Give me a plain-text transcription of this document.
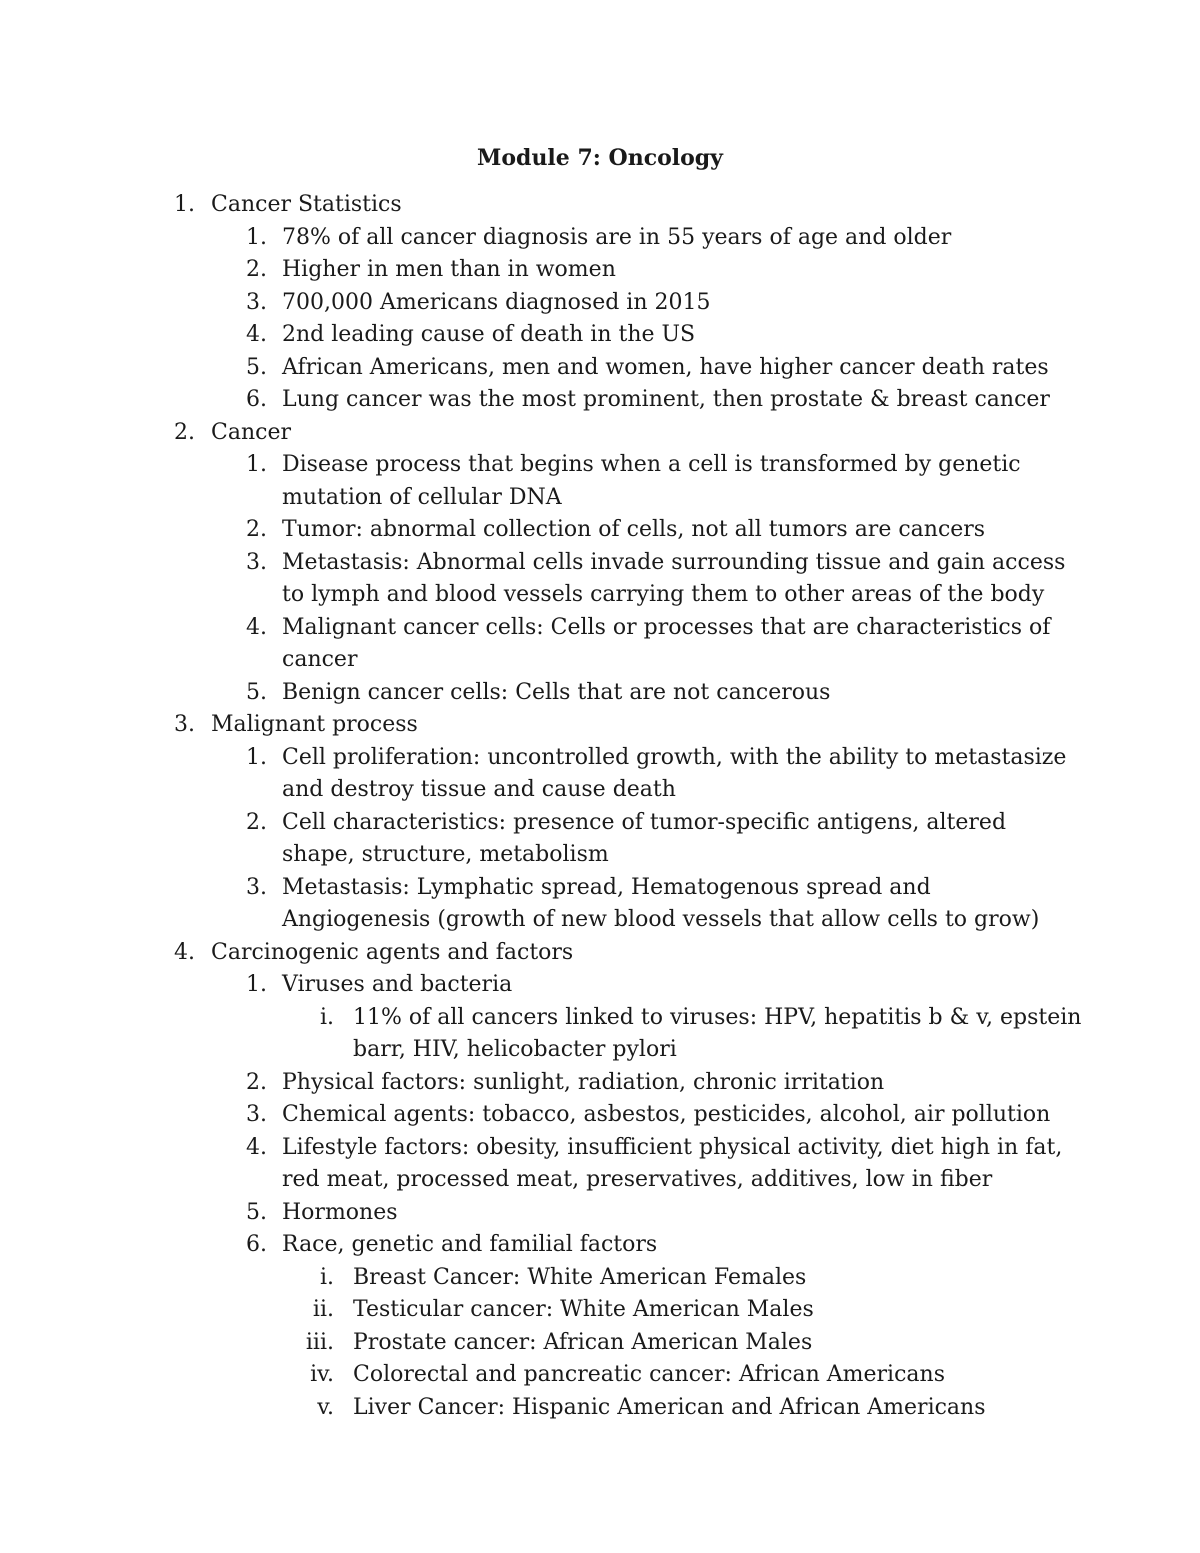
Module 7: Oncology
1. Cancer Statistics
1. 78% of all cancer diagnosis are in 55 years of age and older
2. Higher in men than in women
3. 700,000 Americans diagnosed in 2015
4. 2nd leading cause of death in the US
5. African Americans, men and women, have higher cancer death rates
6. Lung cancer was the most prominent, then prostate & breast cancer
2. Cancer
1. Disease process that begins when a cell is transformed by genetic
mutation of cellular DNA
2. Tumor: abnormal collection of cells, not all tumors are cancers
3. Metastasis: Abnormal cells invade surrounding tissue and gain access
to lymph and blood vessels carrying them to other areas of the body
4. Malignant cancer cells: Cells or processes that are characteristics of
cancer
5. Benign cancer cells: Cells that are not cancerous
3. Malignant process
1. Cell proliferation: uncontrolled growth, with the ability to metastasize
and destroy tissue and cause death
2. Cell characteristics: presence of tumor-specific antigens, altered
shape, structure, metabolism
3. Metastasis: Lymphatic spread, Hematogenous spread and
Angiogenesis (growth of new blood vessels that allow cells to grow)
4. Carcinogenic agents and factors
1. Viruses and bacteria
i. 11% of all cancers linked to viruses: HPV, hepatitis b & v, epstein
barr, HIV, helicobacter pylori
2. Physical factors: sunlight, radiation, chronic irritation
3. Chemical agents: tobacco, asbestos, pesticides, alcohol, air pollution
4. Lifestyle factors: obesity, insufficient physical activity, diet high in fat,
red meat, processed meat, preservatives, additives, low in fiber
5. Hormones
6. Race, genetic and familial factors
i. Breast Cancer: White American Females
ii. Testicular cancer: White American Males
iii. Prostate cancer: African American Males
iv. Colorectal and pancreatic cancer: African Americans
v. Liver Cancer: Hispanic American and African Americans
